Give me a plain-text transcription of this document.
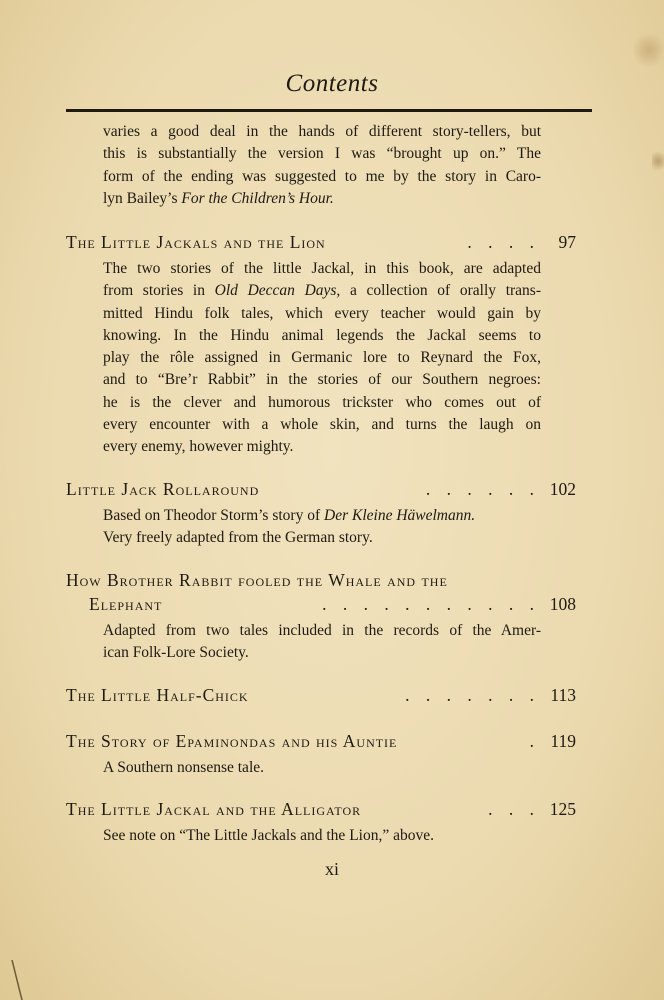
Contents
varies a good deal in the hands of different story-tellers, but
this is substantially the version I was “brought up on.” The
form of the ending was suggested to me by the story in Caro-
lyn Bailey’s For the Children’s Hour.
The Little Jackals and the Lion	. . . .	97
The two stories of the little Jackal, in this book, are adapted
from stories in Old Deccan Days, a collection of orally trans-
mitted Hindu folk tales, which every teacher would gain by
knowing. In the Hindu animal legends the Jackal seems to
play the rôle assigned in Germanic lore to Reynard the Fox,
and to “Bre’r Rabbit” in the stories of our Southern negroes:
he is the clever and humorous trickster who comes out of
every encounter with a whole skin, and turns the laugh on
every enemy, however mighty.
Little Jack Rollaround	. . . . . . 102
Based on Theodor Storm’s story of Der Kleine Häwelmann.
Very freely adapted from the German story.
How Brother Rabbit fooled the Whale and the
Elephant	. . . . . . . . . . . 108
Adapted from two tales included in the records of the Amer-
ican Folk-Lore Society.
The Little Half-Chick	. . . . . . . 113
The Story of Epaminondas and his Auntie	. 119
A Southern nonsense tale.
The Little Jackal and the Alligator	. . . 125
See note on “The Little Jackals and the Lion,” above.
xi
